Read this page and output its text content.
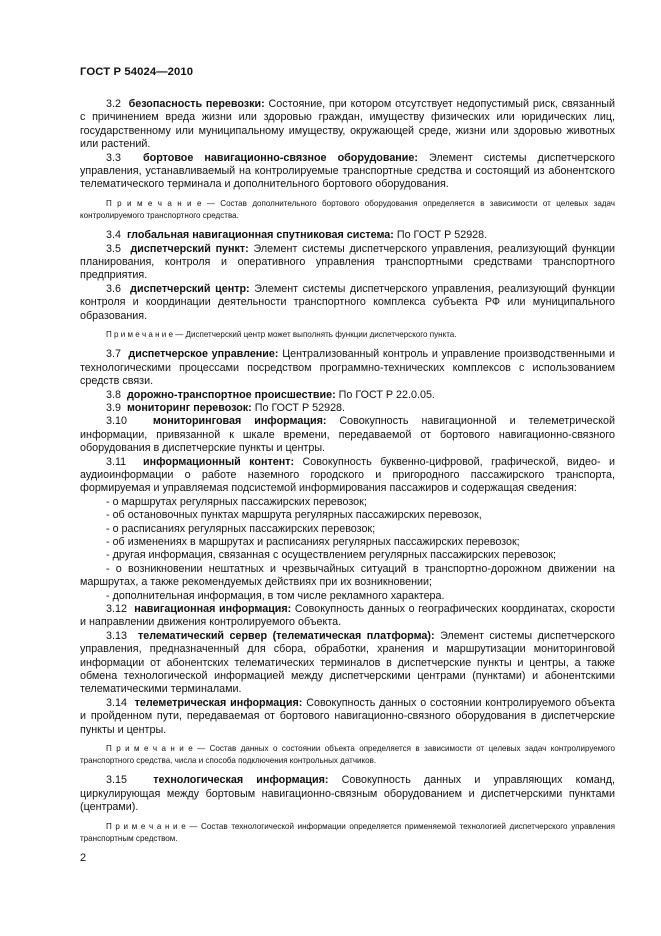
ГОСТ Р 54024—2010

3.2 безопасность перевозки: Состояние, при котором отсутствует недопустимый риск, связанный с причинением вреда жизни или здоровью граждан, имуществу физических или юридических лиц, государственному или муниципальному имуществу, окружающей среде, жизни или здоровью животных или растений.

3.3 бортовое навигационно-связное оборудование: Элемент системы диспетчерского управления, устанавливаемый на контролируемые транспортные средства и состоящий из абонентского телематического терминала и дополнительного бортового оборудования.

П р и м е ч а н и е — Состав дополнительного бортового оборудования определяется в зависимости от целевых задач контролируемого транспортного средства.

3.4 глобальная навигационная спутниковая система: По ГОСТ Р 52928.

3.5 диспетчерский пункт: Элемент системы диспетчерского управления, реализующий функции планирования, контроля и оперативного управления транспортными средствами транспортного предприятия.

3.6 диспетчерский центр: Элемент системы диспетчерского управления, реализующий функции контроля и координации деятельности транспортного комплекса субъекта РФ или муниципального образования.

П р и м е ч а н и е — Диспетчерский центр может выполнять функции диспетчерского пункта.

3.7 диспетчерское управление: Централизованный контроль и управление производственными и технологическими процессами посредством программно-технических комплексов с использованием средств связи.

3.8 дорожно-транспортное происшествие: По ГОСТ Р 22.0.05.

3.9 мониторинг перевозок: По ГОСТ Р 52928.

3.10 мониторинговая информация: Совокупность навигационной и телеметрической информации, привязанной к шкале времени, передаваемой от бортового навигационно-связного оборудования в диспетчерские пункты и центры.

3.11 информационный контент: Совокупность буквенно-цифровой, графической, видео- и аудиоинформации о работе наземного городского и пригородного пассажирского транспорта, формируемая и управляемая подсистемой информирования пассажиров и содержащая сведения:

- о маршрутах регулярных пассажирских перевозок;

- об остановочных пунктах маршрута регулярных пассажирских перевозок,

- о расписаниях регулярных пассажирских перевозок;

- об изменениях в маршрутах и расписаниях регулярных пассажирских перевозок;

- другая информация, связанная с осуществлением регулярных пассажирских перевозок;

- о возникновении нештатных и чрезвычайных ситуаций в транспортно-дорожном движении на маршрутах, а также рекомендуемых действиях при их возникновении;

- дополнительная информация, в том числе рекламного характера.

3.12 навигационная информация: Совокупность данных о географических координатах, скорости и направлении движения контролируемого объекта.

3.13 телематический сервер (телематическая платформа): Элемент системы диспетчерского управления, предназначенный для сбора, обработки, хранения и маршрутизации мониторинговой информации от абонентских телематических терминалов в диспетчерские пункты и центры, а также обмена технологической информацией между диспетчерскими центрами (пунктами) и абонентскими телематическими терминалами.

3.14 телеметрическая информация: Совокупность данных о состоянии контролируемого объекта и пройденном пути, передаваемая от бортового навигационно-связного оборудования в диспетчерские пункты и центры.

П р и м е ч а н и е — Состав данных о состоянии объекта определяется в зависимости от целевых задач контролируемого транспортного средства, числа и способа подключения контрольных датчиков.

3.15 технологическая информация: Совокупность данных и управляющих команд, циркулирующая между бортовым навигационно-связным оборудованием и диспетчерскими пунктами (центрами).

П р и м е ч а н и е — Состав технологической информации определяется применяемой технологией диспетчерского управления транспортным средством.

2
